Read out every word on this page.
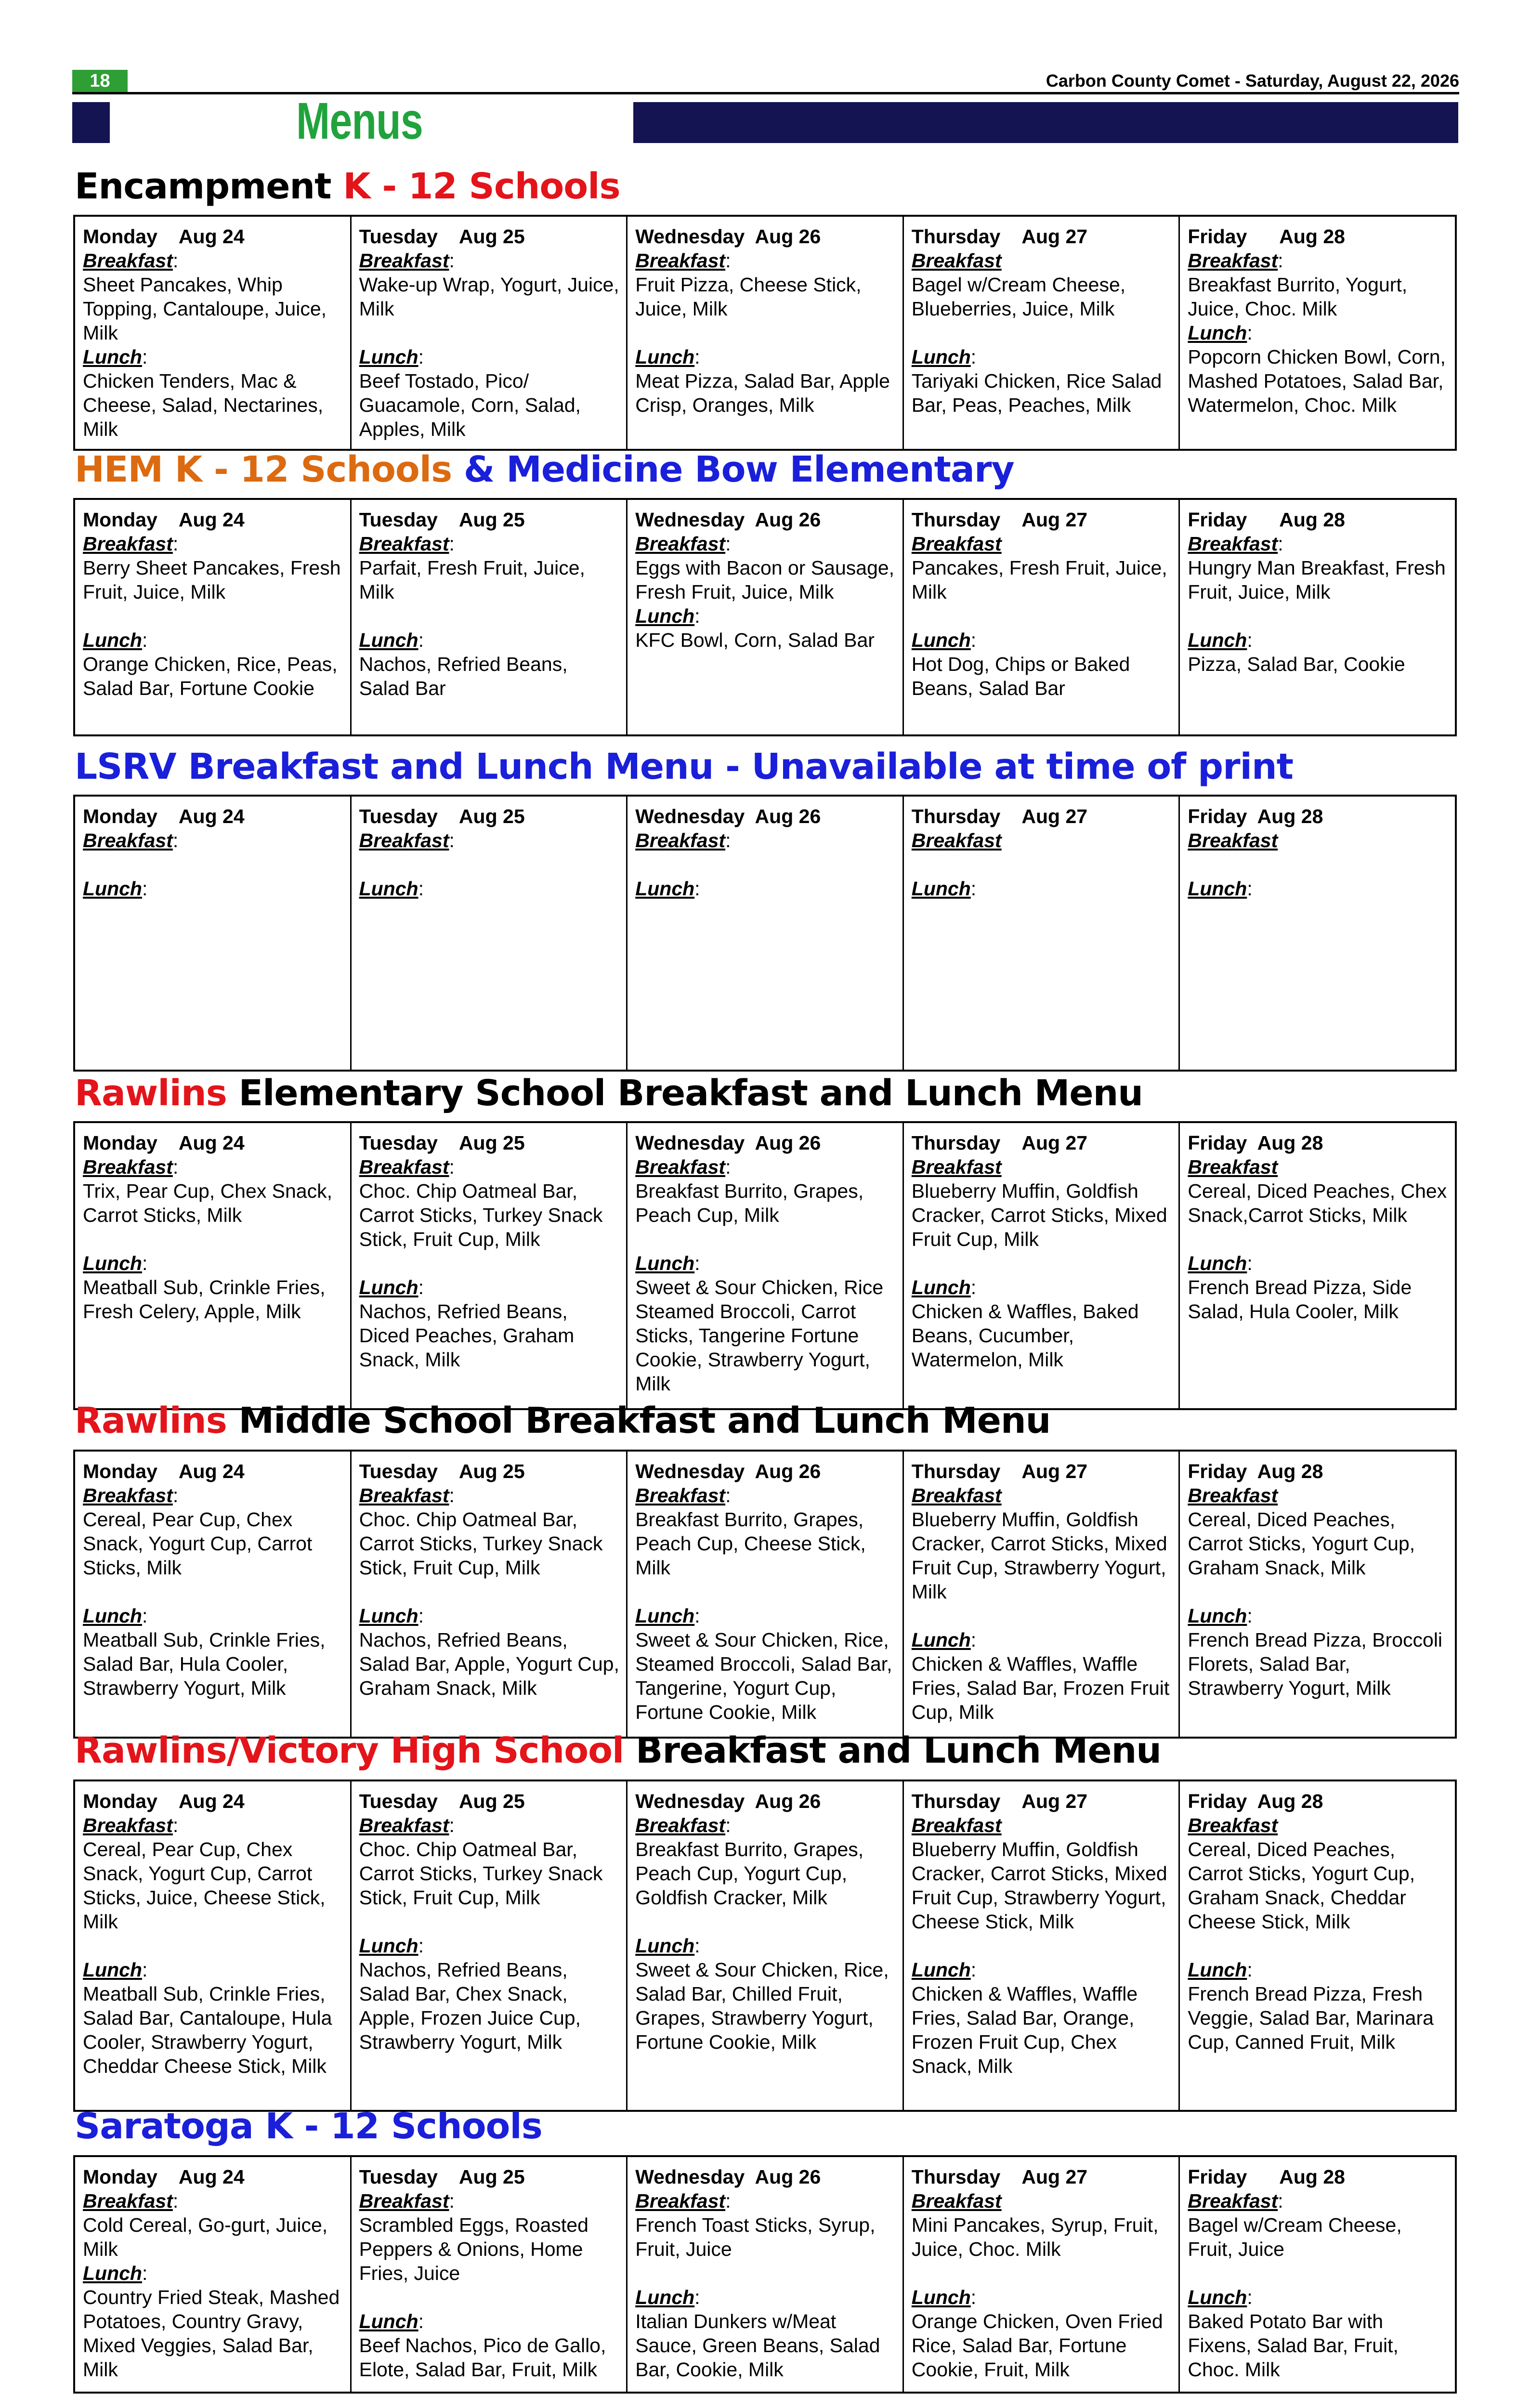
18	Carbon County Comet - Saturday, August 22, 2026
Menus
Encampment K - 12 Schools
Monday    Aug 24
Breakfast:
Sheet Pancakes, Whip Topping, Cantaloupe, Juice, Milk
Lunch:
Chicken Tenders, Mac & Cheese, Salad, Nectarines, Milk
Tuesday    Aug 25
Breakfast:
Wake-up Wrap, Yogurt, Juice, Milk
Lunch:
Beef Tostado, Pico/ Guacamole, Corn, Salad, Apples, Milk
Wednesday  Aug 26
Breakfast:
Fruit Pizza, Cheese Stick, Juice, Milk
Lunch:
Meat Pizza, Salad Bar, Apple Crisp, Oranges, Milk
Thursday    Aug 27
Breakfast
Bagel w/Cream Cheese, Blueberries, Juice, Milk
Lunch:
Tariyaki Chicken, Rice Salad Bar, Peas, Peaches, Milk
Friday      Aug 28
Breakfast:
Breakfast Burrito, Yogurt, Juice, Choc. Milk
Lunch:
Popcorn Chicken Bowl, Corn, Mashed Potatoes, Salad Bar, Watermelon, Choc. Milk
HEM K - 12 Schools & Medicine Bow Elementary
Monday    Aug 24
Breakfast:
Berry Sheet Pancakes, Fresh Fruit, Juice, Milk
Lunch:
Orange Chicken, Rice, Peas, Salad Bar, Fortune Cookie
Tuesday    Aug 25
Breakfast:
Parfait, Fresh Fruit, Juice, Milk
Lunch:
Nachos, Refried Beans, Salad Bar
Wednesday  Aug 26
Breakfast:
Eggs with Bacon or Sausage, Fresh Fruit, Juice, Milk
Lunch:
KFC Bowl, Corn, Salad Bar
Thursday    Aug 27
Breakfast
Pancakes, Fresh Fruit, Juice, Milk
Lunch:
Hot Dog, Chips or Baked Beans, Salad Bar
Friday      Aug 28
Breakfast:
Hungry Man Breakfast, Fresh Fruit, Juice, Milk
Lunch:
Pizza, Salad Bar, Cookie
LSRV Breakfast and Lunch Menu - Unavailable at time of print
Monday    Aug 24
Breakfast:
Lunch:
Tuesday    Aug 25
Breakfast:
Lunch:
Wednesday  Aug 26
Breakfast:
Lunch:
Thursday    Aug 27
Breakfast
Lunch:
Friday  Aug 28
Breakfast
Lunch:
Rawlins Elementary School Breakfast and Lunch Menu
Monday    Aug 24
Breakfast:
Trix, Pear Cup, Chex Snack, Carrot Sticks, Milk
Lunch:
Meatball Sub, Crinkle Fries, Fresh Celery, Apple, Milk
Tuesday    Aug 25
Breakfast:
Choc. Chip Oatmeal Bar, Carrot Sticks, Turkey Snack Stick, Fruit Cup, Milk
Lunch:
Nachos, Refried Beans, Diced Peaches, Graham Snack, Milk
Wednesday  Aug 26
Breakfast:
Breakfast Burrito, Grapes, Peach Cup, Milk
Lunch:
Sweet & Sour Chicken, Rice Steamed Broccoli, Carrot Sticks, Tangerine Fortune Cookie, Strawberry Yogurt, Milk
Thursday    Aug 27
Breakfast
Blueberry Muffin, Goldfish Cracker, Carrot Sticks, Mixed Fruit Cup, Milk
Lunch:
Chicken & Waffles, Baked Beans, Cucumber, Watermelon, Milk
Friday  Aug 28
Breakfast
Cereal, Diced Peaches, Chex Snack,Carrot Sticks, Milk
Lunch:
French Bread Pizza, Side Salad, Hula Cooler, Milk
Rawlins Middle School Breakfast and Lunch Menu
Monday    Aug 24
Breakfast:
Cereal, Pear Cup, Chex Snack, Yogurt Cup, Carrot Sticks, Milk
Lunch:
Meatball Sub, Crinkle Fries, Salad Bar, Hula Cooler, Strawberry Yogurt, Milk
Tuesday    Aug 25
Breakfast:
Choc. Chip Oatmeal Bar, Carrot Sticks, Turkey Snack Stick, Fruit Cup, Milk
Lunch:
Nachos, Refried Beans, Salad Bar, Apple, Yogurt Cup, Graham Snack, Milk
Wednesday  Aug 26
Breakfast:
Breakfast Burrito, Grapes, Peach Cup, Cheese Stick, Milk
Lunch:
Sweet & Sour Chicken, Rice, Steamed Broccoli, Salad Bar, Tangerine, Yogurt Cup, Fortune Cookie, Milk
Thursday    Aug 27
Breakfast
Blueberry Muffin, Goldfish Cracker, Carrot Sticks, Mixed Fruit Cup, Strawberry Yogurt, Milk
Lunch:
Chicken & Waffles, Waffle Fries, Salad Bar, Frozen Fruit Cup, Milk
Friday  Aug 28
Breakfast
Cereal, Diced Peaches, Carrot Sticks, Yogurt Cup, Graham Snack, Milk
Lunch:
French Bread Pizza, Broccoli Florets, Salad Bar, Strawberry Yogurt, Milk
Rawlins/Victory High School Breakfast and Lunch Menu
Monday    Aug 24
Breakfast:
Cereal, Pear Cup, Chex Snack, Yogurt Cup, Carrot Sticks, Juice, Cheese Stick, Milk
Lunch:
Meatball Sub, Crinkle Fries, Salad Bar, Cantaloupe, Hula Cooler, Strawberry Yogurt, Cheddar Cheese Stick, Milk
Tuesday    Aug 25
Breakfast:
Choc. Chip Oatmeal Bar, Carrot Sticks, Turkey Snack Stick, Fruit Cup, Milk
Lunch:
Nachos, Refried Beans, Salad Bar, Chex Snack, Apple, Frozen Juice Cup, Strawberry Yogurt, Milk
Wednesday  Aug 26
Breakfast:
Breakfast Burrito, Grapes, Peach Cup, Yogurt Cup, Goldfish Cracker, Milk
Lunch:
Sweet & Sour Chicken, Rice, Salad Bar, Chilled Fruit, Grapes, Strawberry Yogurt, Fortune Cookie, Milk
Thursday    Aug 27
Breakfast
Blueberry Muffin, Goldfish Cracker, Carrot Sticks, Mixed Fruit Cup, Strawberry Yogurt, Cheese Stick, Milk
Lunch:
Chicken & Waffles, Waffle Fries, Salad Bar, Orange, Frozen Fruit Cup, Chex Snack, Milk
Friday  Aug 28
Breakfast
Cereal, Diced Peaches, Carrot Sticks, Yogurt Cup, Graham Snack, Cheddar Cheese Stick, Milk
Lunch:
French Bread Pizza, Fresh Veggie, Salad Bar, Marinara Cup, Canned Fruit, Milk
Saratoga K - 12 Schools
Monday    Aug 24
Breakfast:
Cold Cereal, Go-gurt, Juice, Milk
Lunch:
Country Fried Steak, Mashed Potatoes, Country Gravy, Mixed Veggies, Salad Bar, Milk
Tuesday    Aug 25
Breakfast:
Scrambled Eggs, Roasted Peppers & Onions, Home Fries, Juice
Lunch:
Beef Nachos, Pico de Gallo, Elote, Salad Bar, Fruit, Milk
Wednesday  Aug 26
Breakfast:
French Toast Sticks, Syrup, Fruit, Juice
Lunch:
Italian Dunkers w/Meat Sauce, Green Beans, Salad Bar, Cookie, Milk
Thursday    Aug 27
Breakfast
Mini Pancakes, Syrup, Fruit, Juice, Choc. Milk
Lunch:
Orange Chicken, Oven Fried Rice, Salad Bar, Fortune Cookie, Fruit, Milk
Friday      Aug 28
Breakfast:
Bagel w/Cream Cheese, Fruit, Juice
Lunch:
Baked Potato Bar with Fixens, Salad Bar, Fruit, Choc. Milk
